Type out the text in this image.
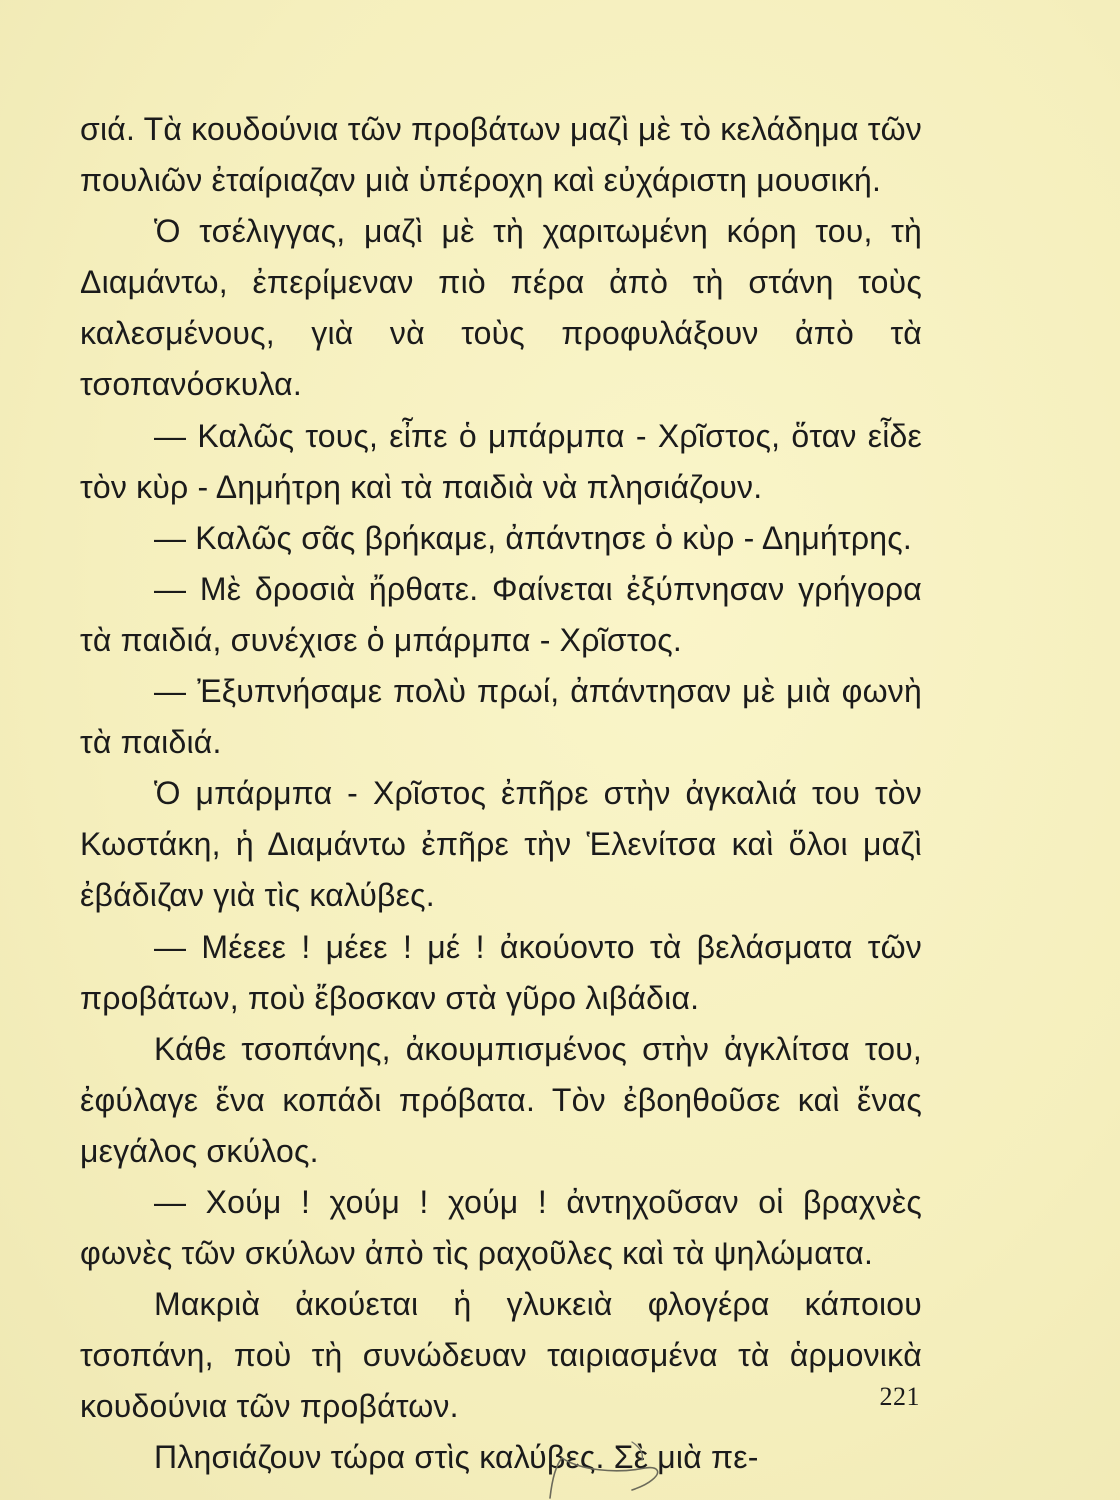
σιά. Τὰ κουδούνια τῶν προβάτων μαζὶ μὲ τὸ κελάδημα τῶν πουλιῶν ἐταίριαζαν μιὰ ὑπέροχη καὶ εὐχάριστη μουσική.

Ὁ τσέλιγγας, μαζὶ μὲ τὴ χαριτωμένη κόρη του, τὴ Διαμάντω, ἐπερίμεναν πιὸ πέρα ἀπὸ τὴ στάνη τοὺς καλεσμένους, γιὰ νὰ τοὺς προφυλάξουν ἀπὸ τὰ τσοπανόσκυλα.

— Καλῶς τους, εἶπε ὁ μπάρμπα - Χρῖστος, ὅταν εἶδε τὸν κὺρ - Δημήτρη καὶ τὰ παιδιὰ νὰ πλησιάζουν.

— Καλῶς σᾶς βρήκαμε, ἀπάντησε ὁ κὺρ - Δημήτρης.

— Μὲ δροσιὰ ἤρθατε. Φαίνεται ἐξύπνησαν γρήγορα τὰ παιδιά, συνέχισε ὁ μπάρμπα - Χρῖστος.

— Ἐξυπνήσαμε πολὺ πρωί, ἀπάντησαν μὲ μιὰ φωνὴ τὰ παιδιά.

Ὁ μπάρμπα - Χρῖστος ἐπῆρε στὴν ἀγκαλιά του τὸν Κωστάκη, ἡ Διαμάντω ἐπῆρε τὴν Ἑλενίτσα καὶ ὅλοι μαζὶ ἐβάδιζαν γιὰ τὶς καλύβες.

— Μέεεε ! μέεε ! μέ ! ἀκούοντο τὰ βελάσματα τῶν προβάτων, ποὺ ἔβοσκαν στὰ γῦρο λιβάδια.

Κάθε τσοπάνης, ἀκουμπισμένος στὴν ἀγκλίτσα του, ἐφύλαγε ἕνα κοπάδι πρόβατα. Τὸν ἐβοηθοῦσε καὶ ἕνας μεγάλος σκύλος.

— Χούμ ! χούμ ! χούμ ! ἀντηχοῦσαν οἱ βραχνὲς φωνὲς τῶν σκύλων ἀπὸ τὶς ραχοῦλες καὶ τὰ ψηλώματα.

Μακριὰ ἀκούεται ἡ γλυκειὰ φλογέρα κάποιου τσοπάνη, ποὺ τὴ συνώδευαν ταιριασμένα τὰ ἁρμονικὰ κουδούνια τῶν προβάτων.

Πλησιάζουν τώρα στὶς καλύβες. Σὲ μιὰ πε-

221
